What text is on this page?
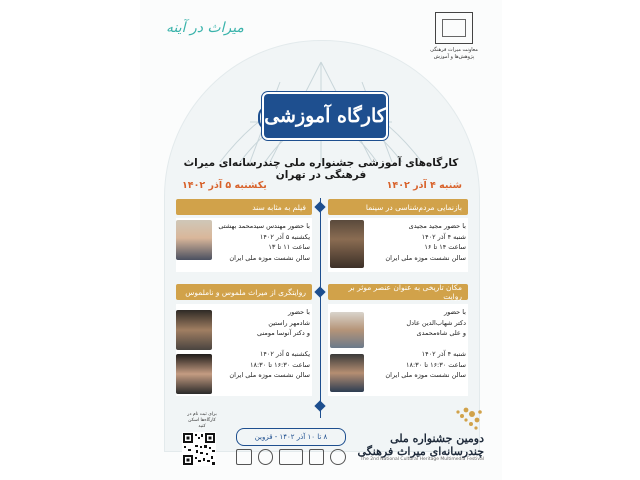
میراث در آینه
معاونت میراث فرهنگی
پژوهش‌ها و آموزش
کارگاه آموزشی
کارگاه‌های آموزشی جشنواره ملی چندرسانه‌ای میراث فرهنگی در تهران
شنبه ۴ آذر ۱۴۰۲
یکشنبه ۵ آذر ۱۴۰۲
بازنمایی مردم‌شناسی در سینما
با حضور مجید مجیدی
شنبه ۴ آذر ۱۴۰۲
ساعت ۱۴ تا ۱۶
سالن نشست موزه ملی ایران
فیلم به مثابه سند
با حضور مهندس سید‌محمد بهشتی
یکشنبه ۵ آذر ۱۴۰۲
ساعت ۱۱ تا ۱۳
سالن نشست موزه ملی ایران
مکان تاریخی به عنوان عنصر موثر بر روایت
با حضور
دکتر شهاب‌الدین عادل
و علی شاه‌محمدی
شنبه ۴ آذر ۱۴۰۲
ساعت ۱۶:۳۰ تا ۱۸:۳۰
سالن نشست موزه ملی ایران
روایتگری از میراث ملموس و ناملموس
با حضور
شادمهر راستین
و دکتر آنوسا مومنی
یکشنبه ۵ آذر ۱۴۰۲
ساعت ۱۶:۳۰ تا ۱۸:۳۰
سالن نشست موزه ملی ایران
برای ثبت نام در کارگاه‌ها اسکن کنید
۸ تا ۱۰ آذر ۱۴۰۲ - قزوین	دومین جشنواره ملی چندرسانه‌ای میراث فرهنگی
The 2nd National Cultural Heritage Multimedia Festival
